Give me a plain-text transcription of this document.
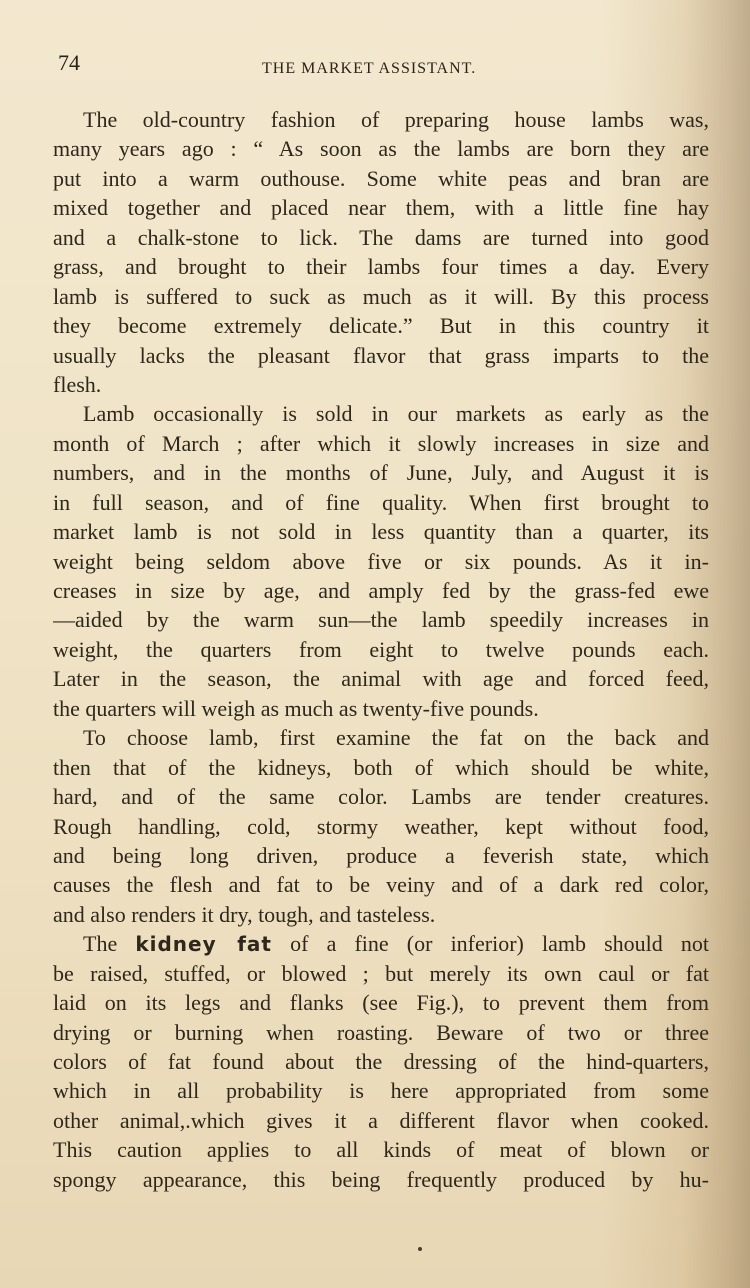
74	THE MARKET ASSISTANT.
The old-country fashion of preparing house lambs was,
many years ago : “ As soon as the lambs are born they are
put into a warm outhouse. Some white peas and bran are
mixed together and placed near them, with a little fine hay
and a chalk-stone to lick. The dams are turned into good
grass, and brought to their lambs four times a day. Every
lamb is suffered to suck as much as it will. By this process
they become extremely delicate.” But in this country it
usually lacks the pleasant flavor that grass imparts to the
flesh.
Lamb occasionally is sold in our markets as early as the
month of March ; after which it slowly increases in size and
numbers, and in the months of June, July, and August it is
in full season, and of fine quality. When first brought to
market lamb is not sold in less quantity than a quarter, its
weight being seldom above five or six pounds. As it in-
creases in size by age, and amply fed by the grass-fed ewe
—aided by the warm sun—the lamb speedily increases in
weight, the quarters from eight to twelve pounds each.
Later in the season, the animal with age and forced feed,
the quarters will weigh as much as twenty-five pounds.
To choose lamb, first examine the fat on the back and
then that of the kidneys, both of which should be white,
hard, and of the same color. Lambs are tender creatures.
Rough handling, cold, stormy weather, kept without food,
and being long driven, produce a feverish state, which
causes the flesh and fat to be veiny and of a dark red color,
and also renders it dry, tough, and tasteless.
The kidney fat of a fine (or inferior) lamb should not
be raised, stuffed, or blowed ; but merely its own caul or fat
laid on its legs and flanks (see Fig.), to prevent them from
drying or burning when roasting. Beware of two or three
colors of fat found about the dressing of the hind-quarters,
which in all probability is here appropriated from some
other animal,.which gives it a different flavor when cooked.
This caution applies to all kinds of meat of blown or
spongy appearance, this being frequently produced by hu-
